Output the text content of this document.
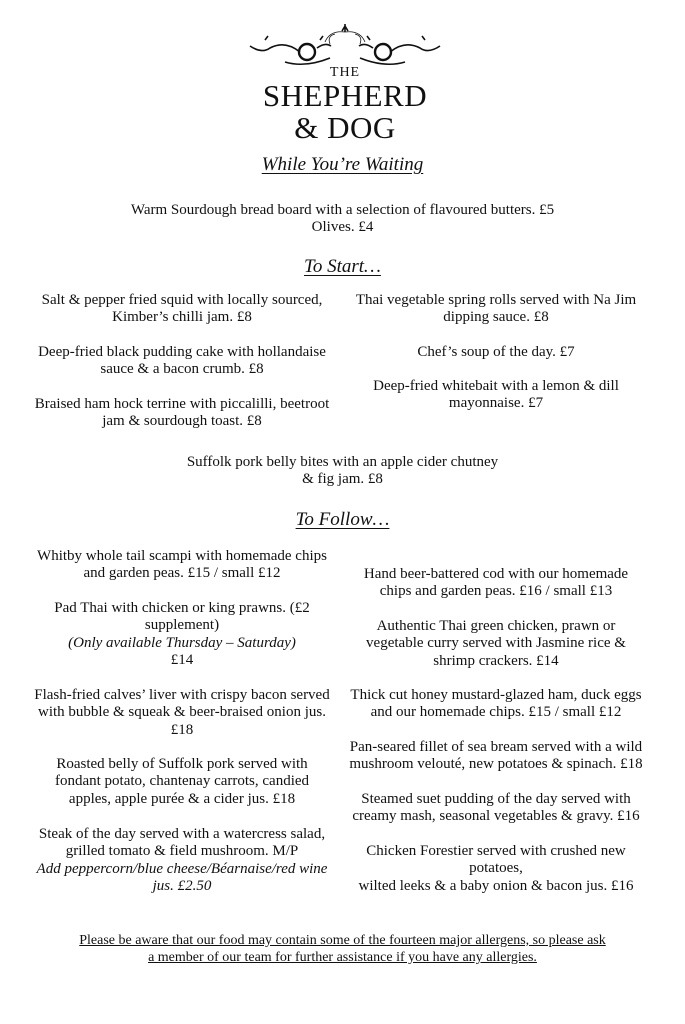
THE
SHEPHERD
& DOG
While You’re Waiting
Warm Sourdough bread board with a selection of flavoured butters. £5
Olives. £4
To Start…
Salt & pepper fried squid with locally sourced,
Kimber’s chilli jam. £8
Deep-fried black pudding cake with hollandaise
sauce & a bacon crumb. £8
Braised ham hock terrine with piccalilli, beetroot
jam & sourdough toast. £8
Thai vegetable spring rolls served with Na Jim
dipping sauce. £8
Chef’s soup of the day. £7
Deep-fried whitebait with a lemon & dill
mayonnaise. £7
Suffolk pork belly bites with an apple cider chutney
& fig jam. £8
To Follow…
Whitby whole tail scampi with homemade chips
and garden peas. £15 / small £12
Pad Thai with chicken or king prawns. (£2
supplement)
(Only available Thursday – Saturday)
£14
Flash-fried calves’ liver with crispy bacon served
with bubble & squeak & beer-braised onion jus.
£18
Roasted belly of Suffolk pork served with
fondant potato, chantenay carrots, candied
apples, apple purée & a cider jus. £18
Steak of the day served with a watercress salad,
grilled tomato & field mushroom. M/P
Add peppercorn/blue cheese/Béarnaise/red wine
jus. £2.50
Hand beer-battered cod with our homemade
chips and garden peas. £16 / small £13
Authentic Thai green chicken, prawn or
vegetable curry served with Jasmine rice &
shrimp crackers. £14
Thick cut honey mustard-glazed ham, duck eggs
and our homemade chips. £15 / small £12
Pan-seared fillet of sea bream served with a wild
mushroom velouté, new potatoes & spinach. £18
Steamed suet pudding of the day served with
creamy mash, seasonal vegetables & gravy. £16
Chicken Forestier served with crushed new
potatoes,
wilted leeks & a baby onion & bacon jus. £16
Please be aware that our food may contain some of the fourteen major allergens, so please ask
a member of our team for further assistance if you have any allergies.
